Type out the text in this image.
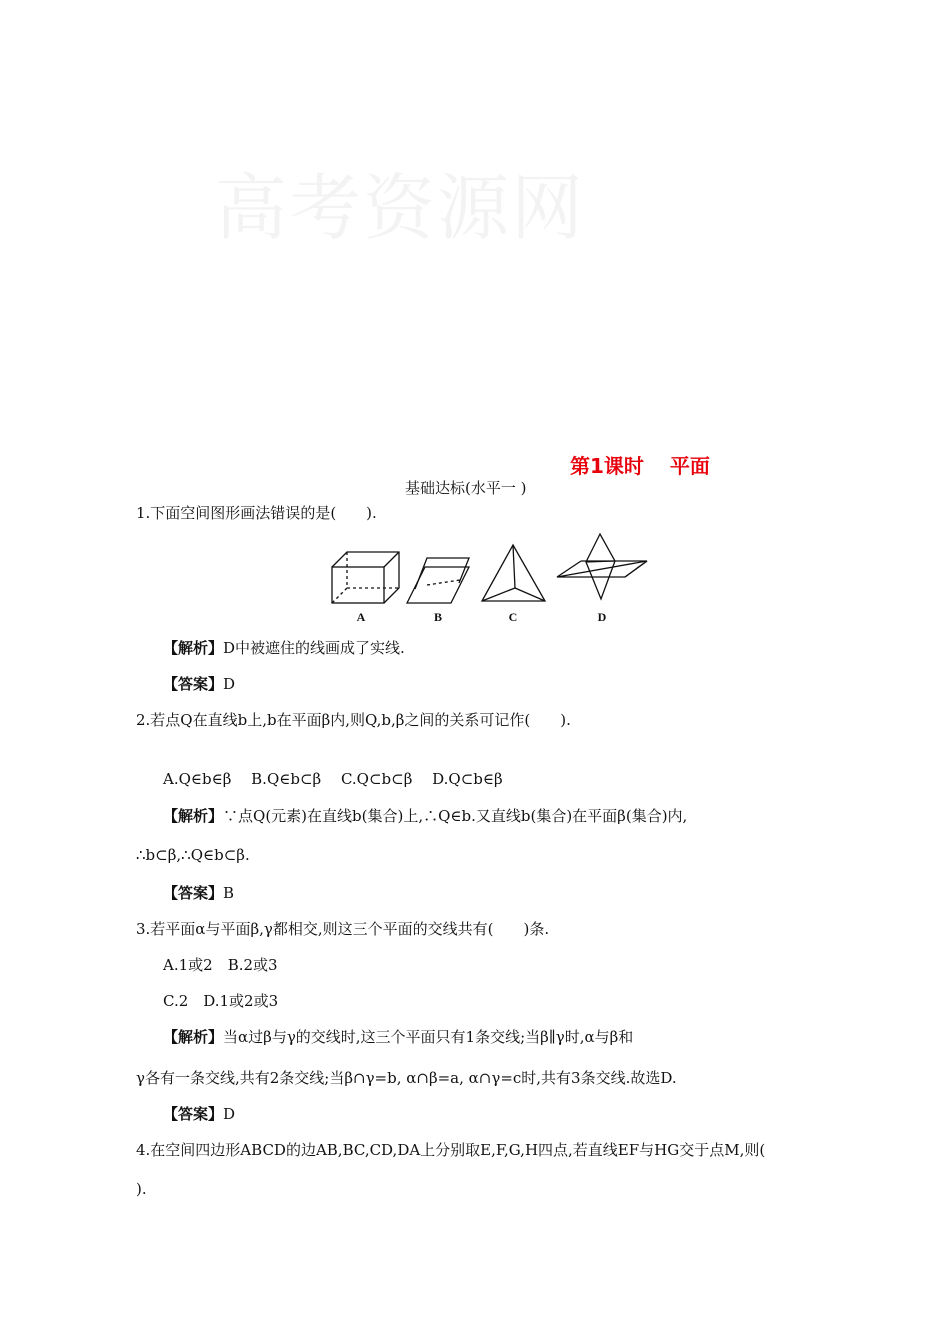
高考资源网
第1课时 平面
基础达标(水平一 )
1.下面空间图形画法错误的是(　　).
A	B	C	D
【解析】D中被遮住的线画成了实线.
【答案】D
2.若点Q在直线b上,b在平面β内,则Q,b,β之间的关系可记作(　　).
A.Q∈b∈β　 B.Q∈b⊂β　 C.Q⊂b⊂β　 D.Q⊂b∈β
【解析】∵点Q(元素)在直线b(集合)上,∴Q∈b.又直线b(集合)在平面β(集合)内,
∴b⊂β,∴Q∈b⊂β.
【答案】B
3.若平面α与平面β,γ都相交,则这三个平面的交线共有(　　)条.
A.1或2　B.2或3
C.2　D.1或2或3
【解析】当α过β与γ的交线时,这三个平面只有1条交线;当β∥γ时,α与β和
γ各有一条交线,共有2条交线;当β∩γ=b, α∩β=a, α∩γ=c时,共有3条交线.故选D.
【答案】D
4.在空间四边形ABCD的边AB,BC,CD,DA上分别取E,F,G,H四点,若直线EF与HG交于点M,则(
).
